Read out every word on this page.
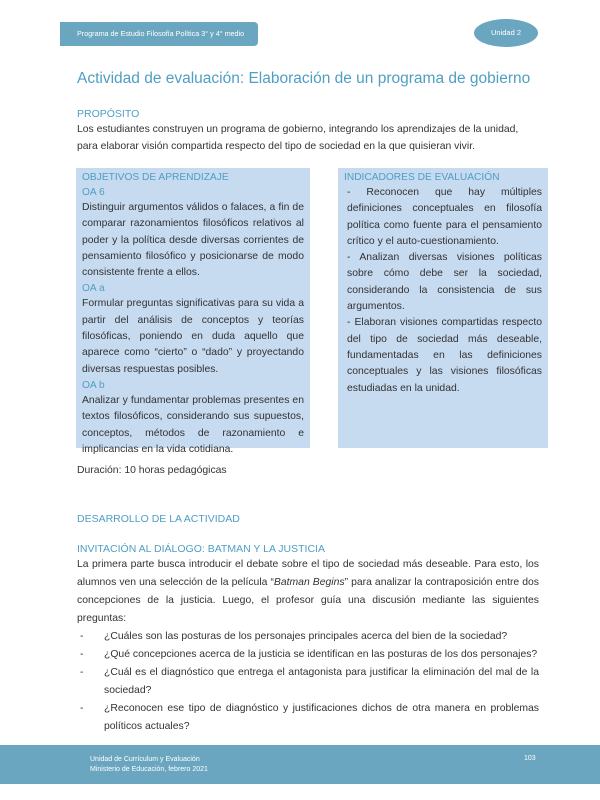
Programa de Estudio Filosofía Política 3° y 4° medio	Unidad 2
Actividad de evaluación: Elaboración de un programa de gobierno
PROPÓSITO
Los estudiantes construyen un programa de gobierno, integrando los aprendizajes de la unidad, para elaborar visión compartida respecto del tipo de sociedad en la que quisieran vivir.
OBJETIVOS DE APRENDIZAJE
OA 6
Distinguir argumentos válidos o falaces, a fin de comparar razonamientos filosóficos relativos al poder y la política desde diversas corrientes de pensamiento filosófico y posicionarse de modo consistente frente a ellos.
OA a
Formular preguntas significativas para su vida a partir del análisis de conceptos y teorías filosóficas, poniendo en duda aquello que aparece como “cierto” o “dado” y proyectando diversas respuestas posibles.
OA b
Analizar y fundamentar problemas presentes en textos filosóficos, considerando sus supuestos, conceptos, métodos de razonamiento e implicancias en la vida cotidiana.
INDICADORES DE EVALUACIÓN
- Reconocen que hay múltiples definiciones conceptuales en filosofía política como fuente para el pensamiento crítico y el auto-cuestionamiento.
- Analizan diversas visiones políticas sobre cómo debe ser la sociedad, considerando la consistencia de sus argumentos.
- Elaboran visiones compartidas respecto del tipo de sociedad más deseable, fundamentadas en las definiciones conceptuales y las visiones filosóficas estudiadas en la unidad.
Duración: 10 horas pedagógicas
DESARROLLO DE LA ACTIVIDAD
INVITACIÓN AL DIÁLOGO: BATMAN Y LA JUSTICIA
La primera parte busca introducir el debate sobre el tipo de sociedad más deseable. Para esto, los alumnos ven una selección de la película “Batman Begins” para analizar la contraposición entre dos concepciones de la justicia. Luego, el profesor guía una discusión mediante las siguientes preguntas:
- ¿Cuáles son las posturas de los personajes principales acerca del bien de la sociedad?
- ¿Qué concepciones acerca de la justicia se identifican en las posturas de los dos personajes?
- ¿Cuál es el diagnóstico que entrega el antagonista para justificar la eliminación del mal de la sociedad?
- ¿Reconocen ese tipo de diagnóstico y justificaciones dichos de otra manera en problemas políticos actuales?
Unidad de Currículum y Evaluación
Ministerio de Educación, febrero 2021
103
